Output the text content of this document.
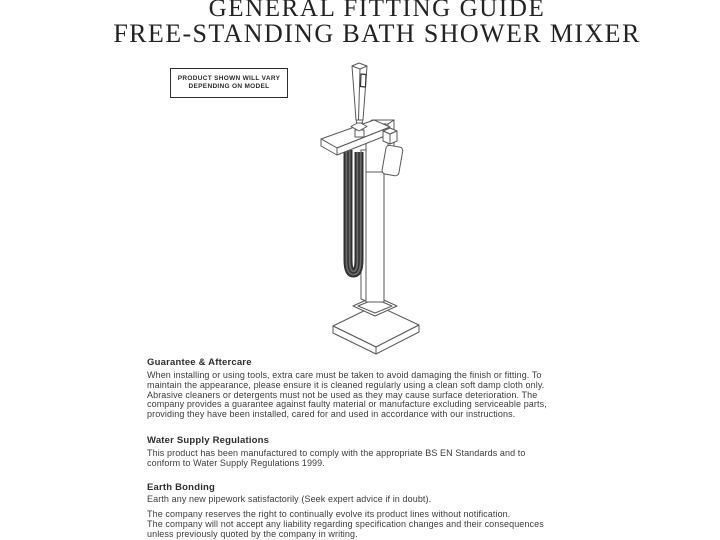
GENERAL FITTING GUIDE
FREE-STANDING BATH SHOWER MIXER
PRODUCT SHOWN WILL VARY
DEPENDING ON MODEL
Guarantee & Aftercare
When installing or using tools, extra care must be taken to avoid damaging the finish or fitting. To
maintain the appearance, please ensure it is cleaned regularly using a clean soft damp cloth only.
Abrasive cleaners or detergents must not be used as they may cause surface deterioration. The
company provides a guarantee against faulty material or manufacture excluding serviceable parts,
providing they have been installed, cared for and used in accordance with our instructions.
Water Supply Regulations
This product has been manufactured to comply with the appropriate BS EN Standards and to
conform to Water Supply Regulations 1999.
Earth Bonding
Earth any new pipework satisfactorily (Seek expert advice if in doubt).
The company reserves the right to continually evolve its product lines without notification.
The company will not accept any liability regarding specification changes and their consequences
unless previously quoted by the company in writing.
